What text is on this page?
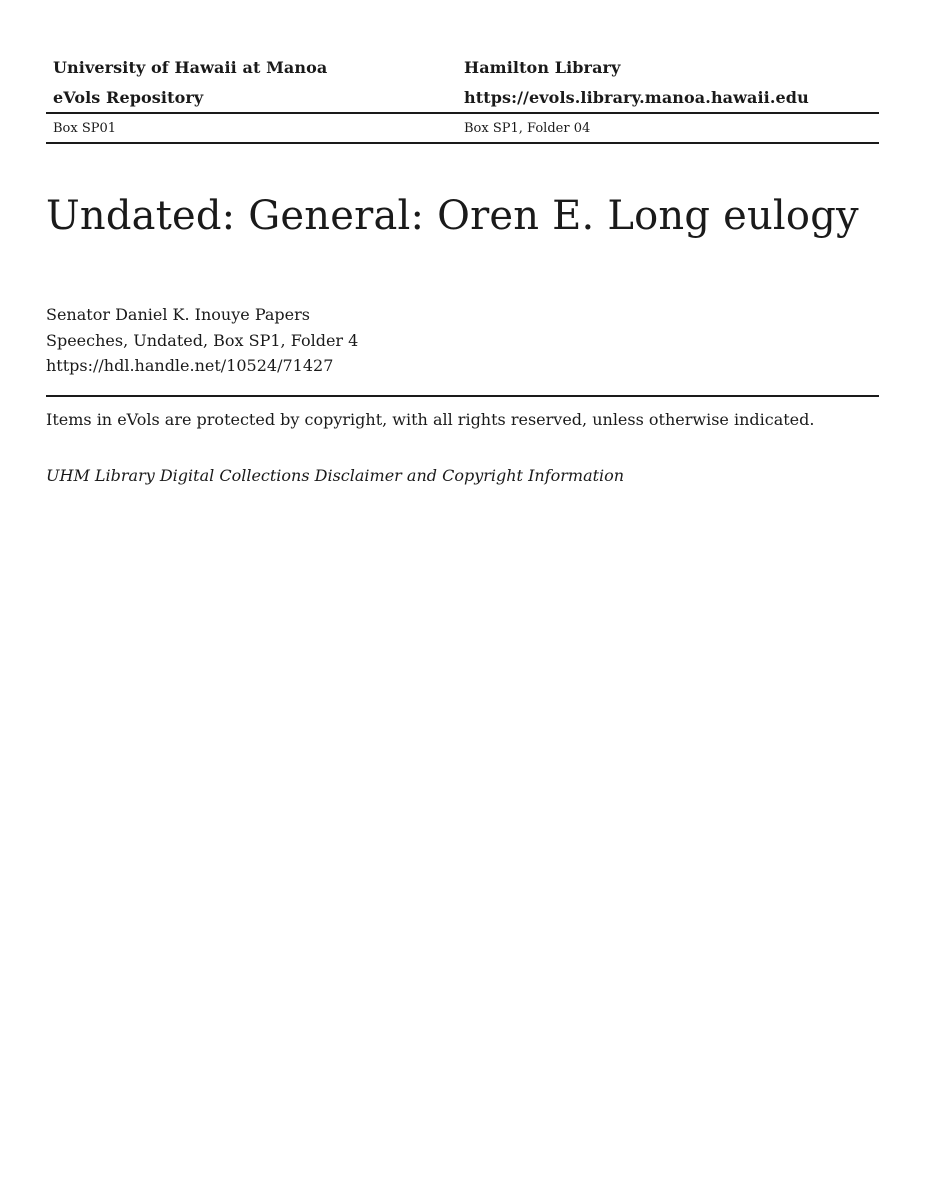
University of Hawaii at Manoa	Hamilton Library
eVols Repository	https://evols.library.manoa.hawaii.edu
Box SP01	Box SP1, Folder 04
Undated: General: Oren E. Long eulogy
Senator Daniel K. Inouye Papers
Speeches, Undated, Box SP1, Folder 4
https://hdl.handle.net/10524/71427
Items in eVols are protected by copyright, with all rights reserved, unless otherwise indicated.
UHM Library Digital Collections Disclaimer and Copyright Information
